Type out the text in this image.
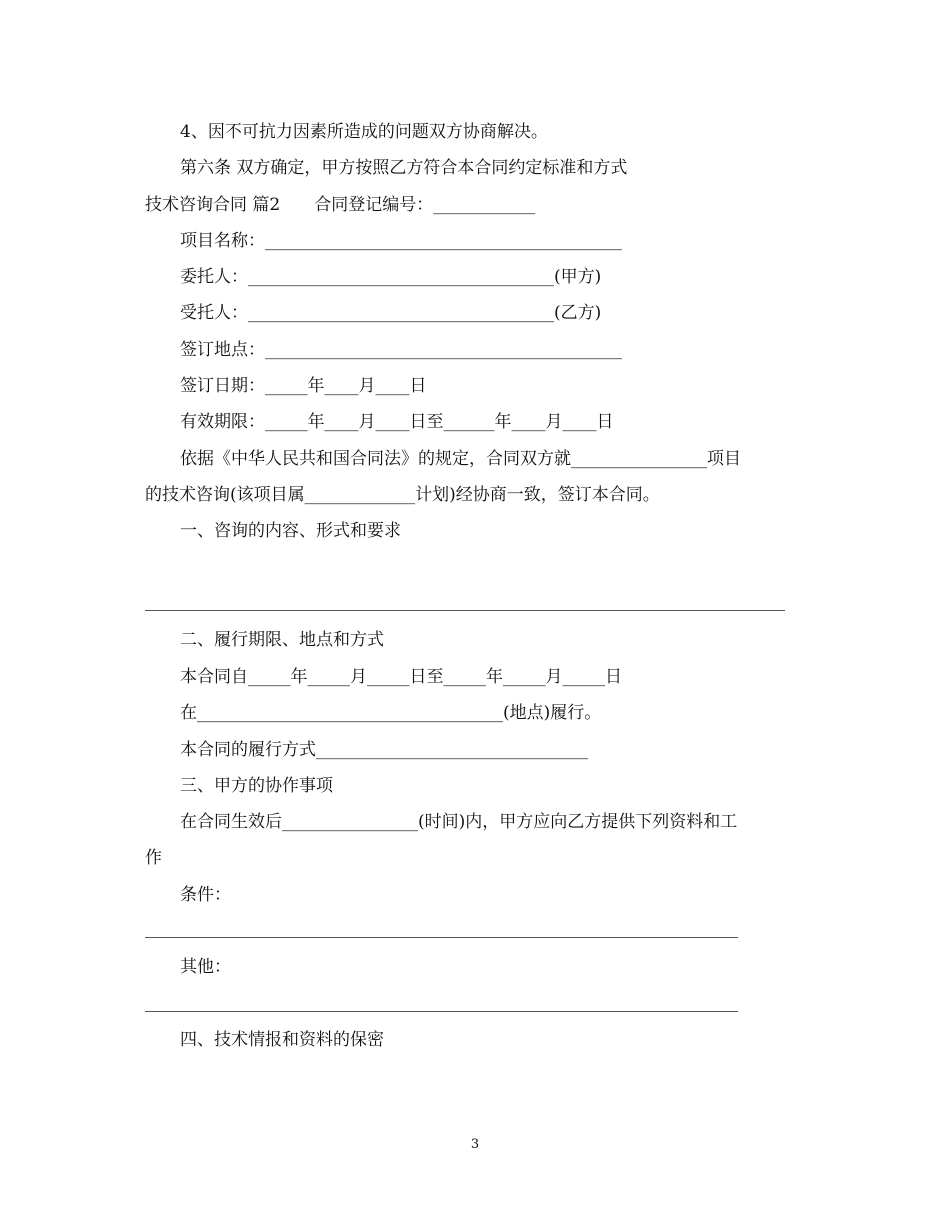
4、因不可抗力因素所造成的问题双方协商解决。
第六条 双方确定，甲方按照乙方符合本合同约定标准和方式
技术咨询合同 篇2　　合同登记编号：____________
项目名称：__________________________________________
委托人：____________________________________(甲方)
受托人：____________________________________(乙方)
签订地点：__________________________________________
签订日期：_____年____月____日
有效期限：_____年____月____日至______年____月____日
依据《中华人民共和国合同法》的规定，合同双方就________________项目
的技术咨询(该项目属_____________计划)经协商一致，签订本合同。
一、咨询的内容、形式和要求
二、履行期限、地点和方式
本合同自_____年_____月_____日至_____年_____月_____日
在____________________________________(地点)履行。
本合同的履行方式________________________________
三、甲方的协作事项
在合同生效后________________(时间)内，甲方应向乙方提供下列资料和工
作
条件：
其他：
四、技术情报和资料的保密
3
